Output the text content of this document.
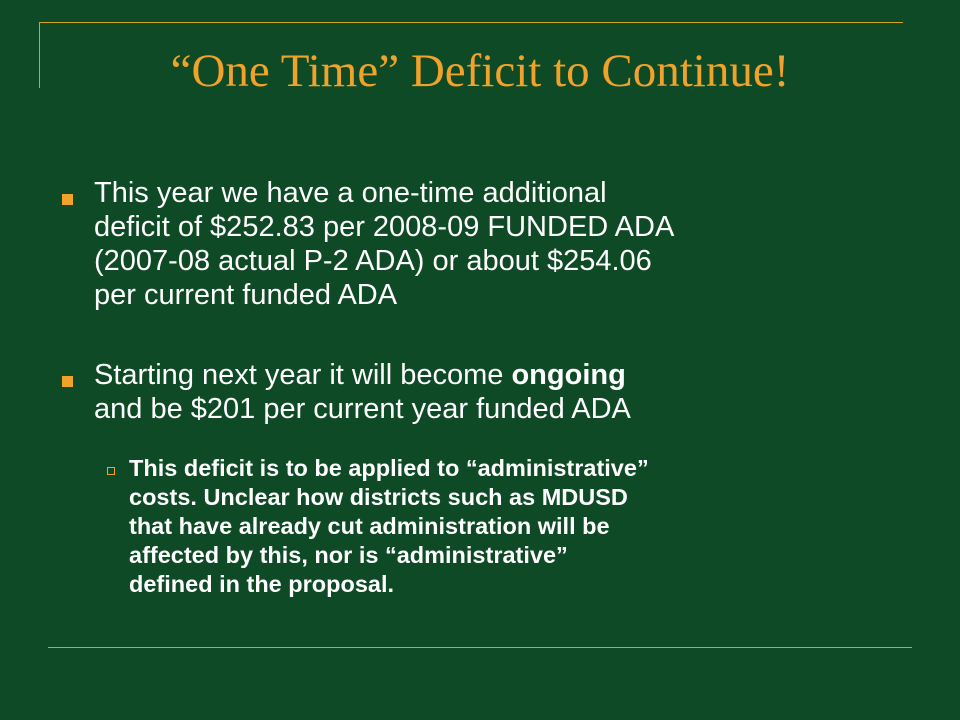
“One Time” Deficit to Continue!
This year we have a one-time additional
deficit of $252.83 per 2008-09 FUNDED ADA
(2007-08 actual P-2 ADA) or about $254.06
per current funded ADA
Starting next year it will become ongoing
and be $201 per current year funded ADA
This deficit is to be applied to “administrative”
costs. Unclear how districts such as MDUSD
that have already cut administration will be
affected by this, nor is “administrative”
defined in the proposal.
